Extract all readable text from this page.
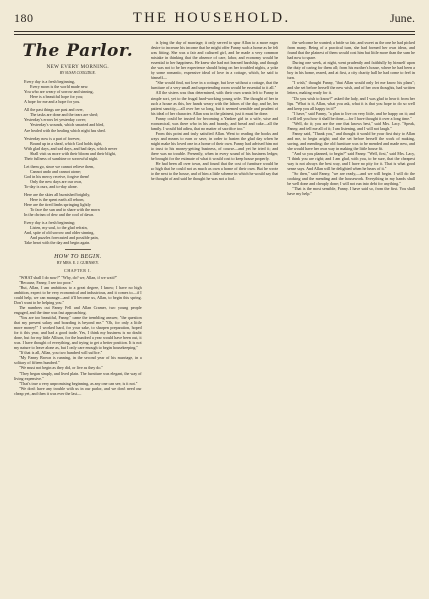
180	THE HOUSEHOLD.	June.
The Parlor.
NEW EVERY MORNING.
BY SUSAN COOLIDGE.
Every day is a fresh beginning,
Every morn is the world made new.
You who are weary of sorrow and sinning,
Here is a beautiful hope for you;
A hope for me and a hope for you.
All the past things are past and over,
The tasks are done and the tears are shed;
Yesterday's errors let yesterday cover;
Yesterday's wounds, which smarted and bled,
Are healed with the healing which night has shed.
Yesterday now is a part of forever,
Bound up in a sheaf, which God holds tight,
With glad days, and sad days, and bad days, which never
Shall visit us more with their bloom and their blight,
Their fullness of sunshine or sorrowful night.
Let them go, since we cannot relieve them,
Cannot undo and cannot atone;
God in his mercy receive, forgive them!
Only the new days are our own,
To-day is ours, and to-day alone.
Here are the skies all burnished brightly,
Here is the spent earth all reborn,
Here are the tired limbs springing lightly
To face the sun and to share with the morn
In the chrism of dew and the cool of dawn.
Every day is a fresh beginning;
Listen, my soul, to the glad refrain,
And, spite of old sorrow and older sinning,
And puzzles forecasted and possible pain,
Take heart with the day and begin again.
HOW TO BEGIN.
BY MRS. E. J. GURNSEY.
CHAPTER I.

"WHAT shall I do now?" "Why, do? we, Allan, if we wait?"

"Because, Fanny, I see too poor."

"But, Allan, I am ambitious to a great degree, I know; I have no high ambition, expect to be very economical and industrious, and it comes to—if I could help, we can manage—and it'll become us, Allan, to begin this spring. Don't want to be helping you."

The numbers out Fanny Fell and Allan Cramer, two young people engaged, and the time was fast approaching.

"You are too beautiful, Fanny," came the trembling answer, "the question that my present salary and boarding is beyond me." "Oh, for only a little more money!" I worked hard, for your sake, to sharpen preparation, hoped for it this year, and had a good trade. Yes, I think my business is no doubt done, but for my little Allison, for the hundred a year would have been out, it was. I have thought of everything, and trying to get a better position. It is not my nature to leave alone as, but I only care enough to begin housekeeping."

"If that is all, Allan, you two hundred will suffice."

"My Fanny Brown is running, in the second year of his marriage, in a solitary of fifteen hundred."

"We must not begin as they did, or live as they do."

"They began simply, and lived plain. The furniture was elegant, the way of living expensive."

"That's true a very unpromising beginning, as any one can see, is it not."

"We don't have any trouble with us in our parlor, and we don't need our cheap yet, and then it was ever the last—

is lying the day of marriage; it only served to spur Allan to a more eager desire to increase his income that he might offer Fanny such a home as he felt was fitting. She was a fair and cultured girl, and he made a very common mistake in thinking that the absence of care, labor, and economy would be essential to her happiness. He knew she had not learned hardship, and though she was not to be her experience should bring on her troubled nights, a yoke by some romantic, expensive ideal of love in a cottage, which, he said to himself—

"She would find, not love in a cottage, but love without a cottage, that the furniture of a very small and unpretending room would be essential to it all."

All the sisters was thus determined, with their own wants left to Fanny in simple sort, yet to the frugal hard-working young wife. The thought of her in such a house as this, her hands weary with the labors of the day, and he, her patient sanctity,—all over her so long, but it seemed sensible and prudent of his ideal of her character. Allan was in the plainest, just it must be done.

Fanny could be trusted for becoming a Yankee girl in a wife, wise and economical, was there who in his and brandy, and bread and cake—all the family. I would bid adieu, that no matter of sacrifice too."

From this point and truly satisfied Allan. Went to reading the books and ways and means to earn or save, in order to hasten the glad day when he might make his loved one in a home of their own. Fanny had advised him not to trust to his money-getting business, of course—and yet he tried it; and there was no trouble. Presently, when in every sound of his business ledger, he brought for the estimate of what it would cost to keep house properly.

He had been all over town, and found that the cost of furniture would be so high that he could not as much as own a home of their own. But he wrote to the next to the house, and of him a little scheme in which he would say that he thought of and said he thought he was not a fool.

the welcome he wanted; a bride so fair, and sweet as the one he had picked from many. Being of a practical turn, she had formed her own ideas, and found that the plainest of them would cost him but little more than the sum he had now to spare.

During one week, at night, went prudently and faithfully by himself upon the duty of caring for them all; from his mother's house, where he had been a boy in his home, reared, and at first, a city charity hall he had come to feel in turn.

"I wish," thought Fanny, "that Allan would only let me know his plans"; and she set before herself the new wish, and of her own thoughts, had written letters, making ready for it.

"Do you wish to know?" asked the lady, and I was glad to hear it from her lips. "What is it, Allan, what you ask, what it is that you hope to do so well and keep you all happy in it?"

"I have," said Fanny, "a plan to live on very little, and be happy on it; and I will tell you how it shall be done,—for I have thought it over a long time."

"Well, do it; you are the one that knows best," said Mrs. Lacy. "Speak, Fanny, and tell me all of it; I am listening, and I will not laugh."

Fanny said, "Thank you," and thought it would be your first duty to Allan and me, to begin aright; and she set before herself the work of making, saving, and mending; the old furniture was to be mended and made new, and she would have her own way in making the little house fit.

"And so you planned, to begin?" said Fanny. "Well, first," said Mrs. Lacy, "I think you are right; and I am glad, with you, to be sure, that the cheapest way is not always the best way, and I have no pity for it. That is what good sense says. And Allan will be delighted when he hears of it."

"So then," said Fanny, "we are ready,—and we will begin. I will do the cooking and the mending and the housework. Everything in my hands shall be well done and cheaply done; I will not run into debt for anything."

"That is the most sensible, Fanny. I have said so, from the first. You shall have my help."
